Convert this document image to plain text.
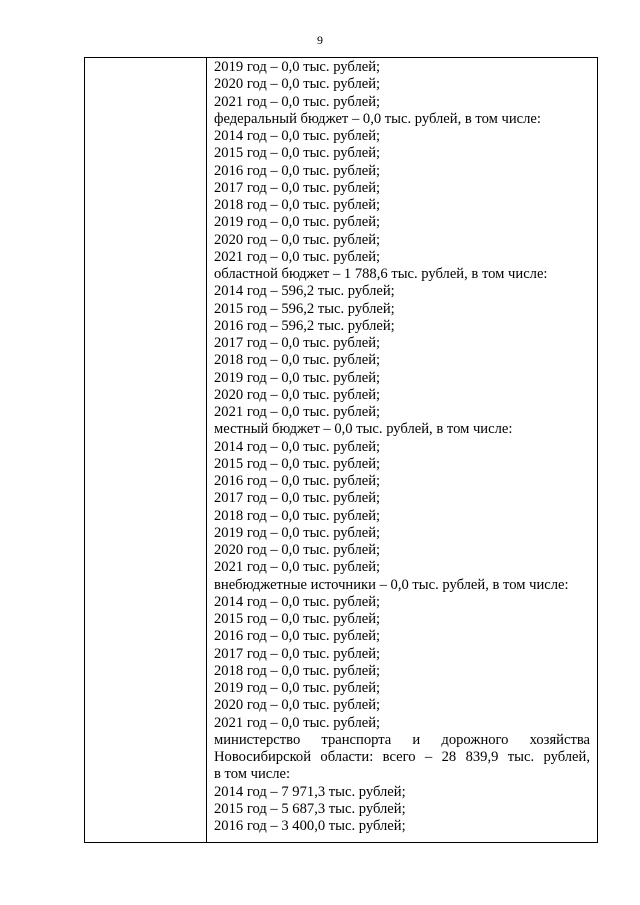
9
2019 год – 0,0 тыс. рублей;
2020 год – 0,0 тыс. рублей;
2021 год – 0,0 тыс. рублей;
федеральный бюджет – 0,0 тыс. рублей, в том числе:
2014 год – 0,0 тыс. рублей;
2015 год – 0,0 тыс. рублей;
2016 год – 0,0 тыс. рублей;
2017 год – 0,0 тыс. рублей;
2018 год – 0,0 тыс. рублей;
2019 год – 0,0 тыс. рублей;
2020 год – 0,0 тыс. рублей;
2021 год – 0,0 тыс. рублей;
областной бюджет – 1 788,6 тыс. рублей, в том числе:
2014 год – 596,2 тыс. рублей;
2015 год – 596,2 тыс. рублей;
2016 год – 596,2 тыс. рублей;
2017 год – 0,0 тыс. рублей;
2018 год – 0,0 тыс. рублей;
2019 год – 0,0 тыс. рублей;
2020 год – 0,0 тыс. рублей;
2021 год – 0,0 тыс. рублей;
местный бюджет – 0,0 тыс. рублей, в том числе:
2014 год – 0,0 тыс. рублей;
2015 год – 0,0 тыс. рублей;
2016 год – 0,0 тыс. рублей;
2017 год – 0,0 тыс. рублей;
2018 год – 0,0 тыс. рублей;
2019 год – 0,0 тыс. рублей;
2020 год – 0,0 тыс. рублей;
2021 год – 0,0 тыс. рублей;
внебюджетные источники – 0,0 тыс. рублей, в том числе:
2014 год – 0,0 тыс. рублей;
2015 год – 0,0 тыс. рублей;
2016 год – 0,0 тыс. рублей;
2017 год – 0,0 тыс. рублей;
2018 год – 0,0 тыс. рублей;
2019 год – 0,0 тыс. рублей;
2020 год – 0,0 тыс. рублей;
2021 год – 0,0 тыс. рублей;
министерство транспорта и дорожного хозяйства
Новосибирской области: всего – 28 839,9 тыс. рублей,
в том числе:
2014 год – 7 971,3 тыс. рублей;
2015 год – 5 687,3 тыс. рублей;
2016 год – 3 400,0 тыс. рублей;
